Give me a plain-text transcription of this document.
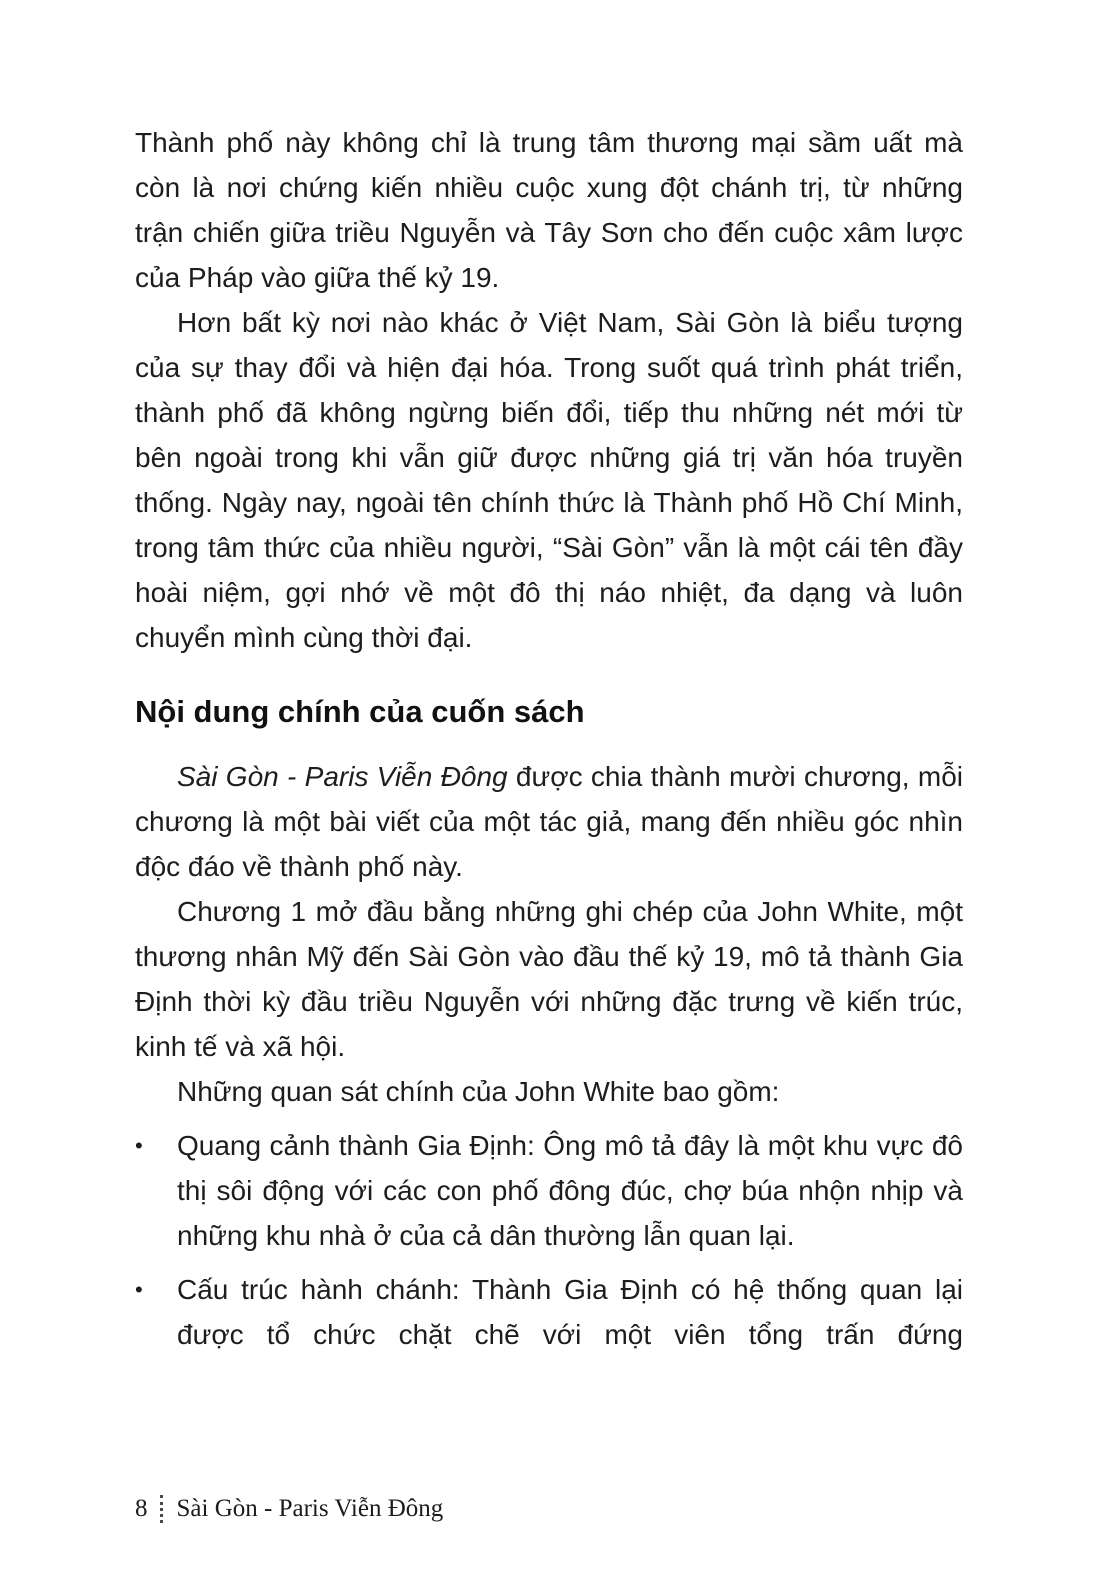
Thành phố này không chỉ là trung tâm thương mại sầm uất mà còn là nơi chứng kiến nhiều cuộc xung đột chánh trị, từ những trận chiến giữa triều Nguyễn và Tây Sơn cho đến cuộc xâm lược của Pháp vào giữa thế kỷ 19.

Hơn bất kỳ nơi nào khác ở Việt Nam, Sài Gòn là biểu tượng của sự thay đổi và hiện đại hóa. Trong suốt quá trình phát triển, thành phố đã không ngừng biến đổi, tiếp thu những nét mới từ bên ngoài trong khi vẫn giữ được những giá trị văn hóa truyền thống. Ngày nay, ngoài tên chính thức là Thành phố Hồ Chí Minh, trong tâm thức của nhiều người, “Sài Gòn” vẫn là một cái tên đầy hoài niệm, gợi nhớ về một đô thị náo nhiệt, đa dạng và luôn chuyển mình cùng thời đại.

Nội dung chính của cuốn sách

Sài Gòn - Paris Viễn Đông được chia thành mười chương, mỗi chương là một bài viết của một tác giả, mang đến nhiều góc nhìn độc đáo về thành phố này.

Chương 1 mở đầu bằng những ghi chép của John White, một thương nhân Mỹ đến Sài Gòn vào đầu thế kỷ 19, mô tả thành Gia Định thời kỳ đầu triều Nguyễn với những đặc trưng về kiến trúc, kinh tế và xã hội.

Những quan sát chính của John White bao gồm:

•	Quang cảnh thành Gia Định: Ông mô tả đây là một khu vực đô thị sôi động với các con phố đông đúc, chợ búa nhộn nhịp và những khu nhà ở của cả dân thường lẫn quan lại.
•	Cấu trúc hành chánh: Thành Gia Định có hệ thống quan lại được tổ chức chặt chẽ với một viên tổng trấn đứng
8 Sài Gòn - Paris Viễn Đông
